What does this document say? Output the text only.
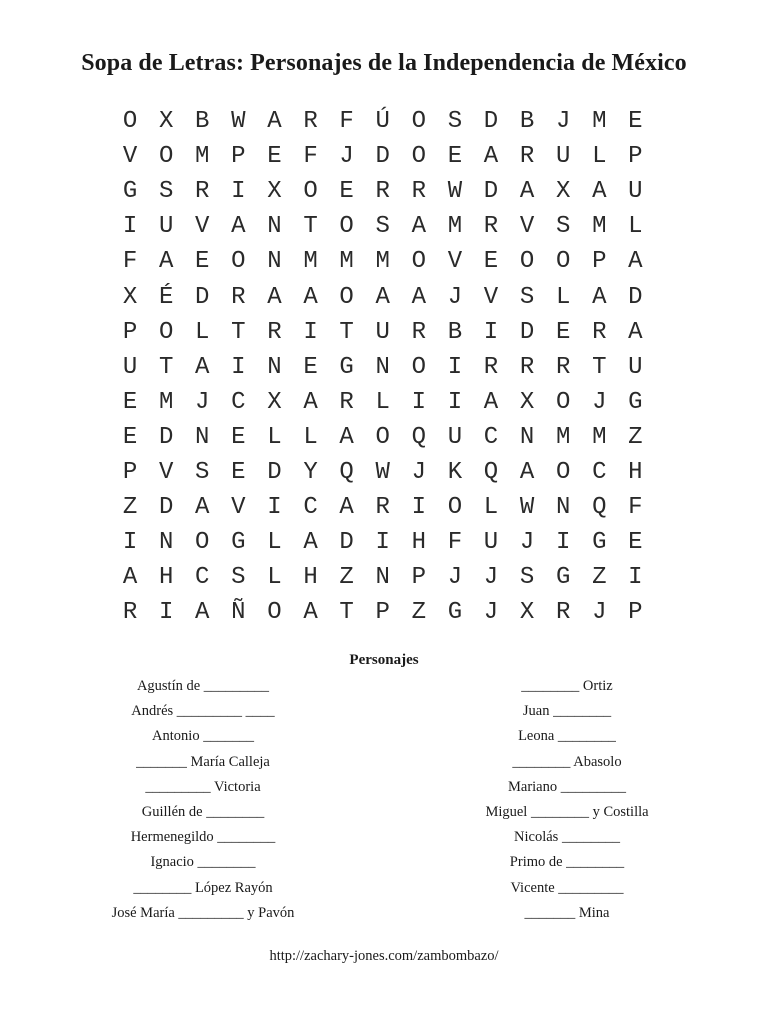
Sopa de Letras: Personajes de la Independencia de México
O X B W A R F Ú O S D B J M E
V O M P E F J D O E A R U L P
G S R I X O E R R W D A X A U
I U V A N T O S A M R V S M L
F A E O N M M M O V E O O P A
X É D R A A O A A J V S L A D
P O L T R I T U R B I D E R A
U T A I N E G N O I R R R T U
E M J C X A R L I I A X O J G
E D N E L L A O Q U C N M M Z
P V S E D Y Q W J K Q A O C H
Z D A V I C A R I O L W N Q F
I N O G L A D I H F U J I G E
A H C S L H Z N P J J S G Z I
R I A Ñ O A T P Z G J X R J P
Personajes
Agustín de _________
Andrés _________ ____
Antonio _______
_______ María Calleja
_________ Victoria
Guillén de ________
Hermenegildo ________
Ignacio ________
________ López Rayón
José María _________ y Pavón
________ Ortiz
Juan ________
Leona ________
________ Abasolo
Mariano _________
Miguel ________ y Costilla
Nicolás ________
Primo de ________
Vicente _________
_______ Mina
http://zachary-jones.com/zambombazo/
